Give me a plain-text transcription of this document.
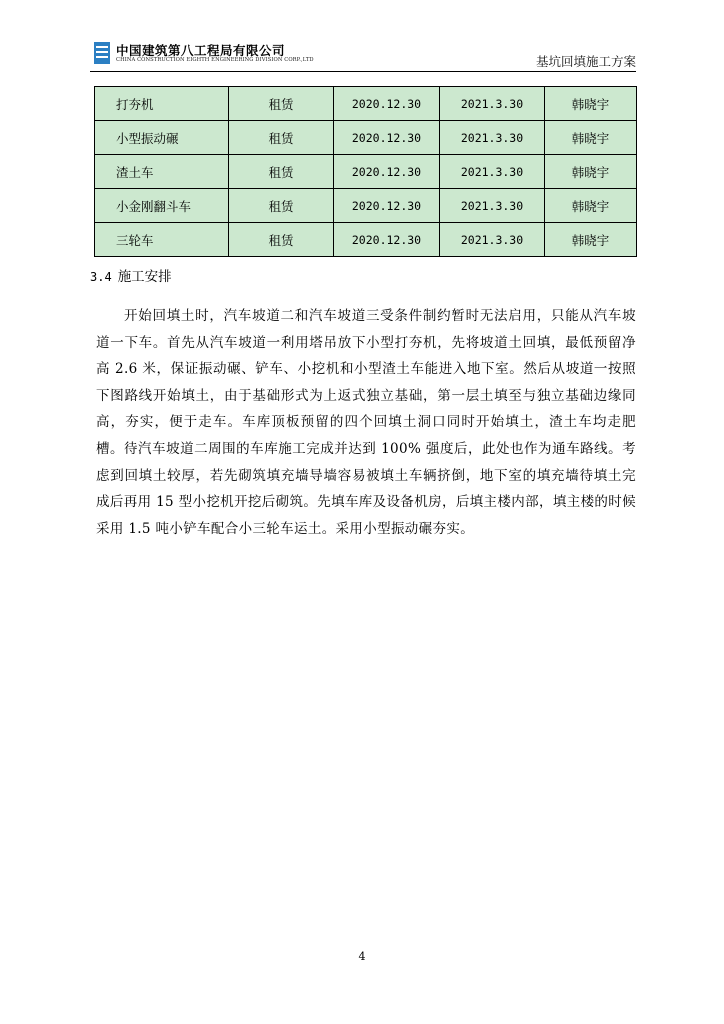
中国建筑第八工程局有限公司
CHINA CONSTRUCTION EIGHTH ENGINEERING DIVISION CORP.,LTD	基坑回填施工方案
打夯机	租赁	2020.12.30	2021.3.30	韩晓宇
小型振动碾	租赁	2020.12.30	2021.3.30	韩晓宇
渣土车	租赁	2020.12.30	2021.3.30	韩晓宇
小金刚翻斗车	租赁	2020.12.30	2021.3.30	韩晓宇
三轮车	租赁	2020.12.30	2021.3.30	韩晓宇
3.4 施工安排
开始回填土时，汽车坡道二和汽车坡道三受条件制约暂时无法启用，只能从汽车坡道一下车。首先从汽车坡道一利用塔吊放下小型打夯机，先将坡道土回填，最低预留净高 2.6 米，保证振动碾、铲车、小挖机和小型渣土车能进入地下室。然后从坡道一按照下图路线开始填土，由于基础形式为上返式独立基础，第一层土填至与独立基础边缘同高，夯实，便于走车。车库顶板预留的四个回填土洞口同时开始填土，渣土车均走肥槽。待汽车坡道二周围的车库施工完成并达到 100% 强度后，此处也作为通车路线。考虑到回填土较厚，若先砌筑填充墙导墙容易被填土车辆挤倒，地下室的填充墙待填土完成后再用 15 型小挖机开挖后砌筑。先填车库及设备机房，后填主楼内部，填主楼的时候采用 1.5 吨小铲车配合小三轮车运土。采用小型振动碾夯实。
4
